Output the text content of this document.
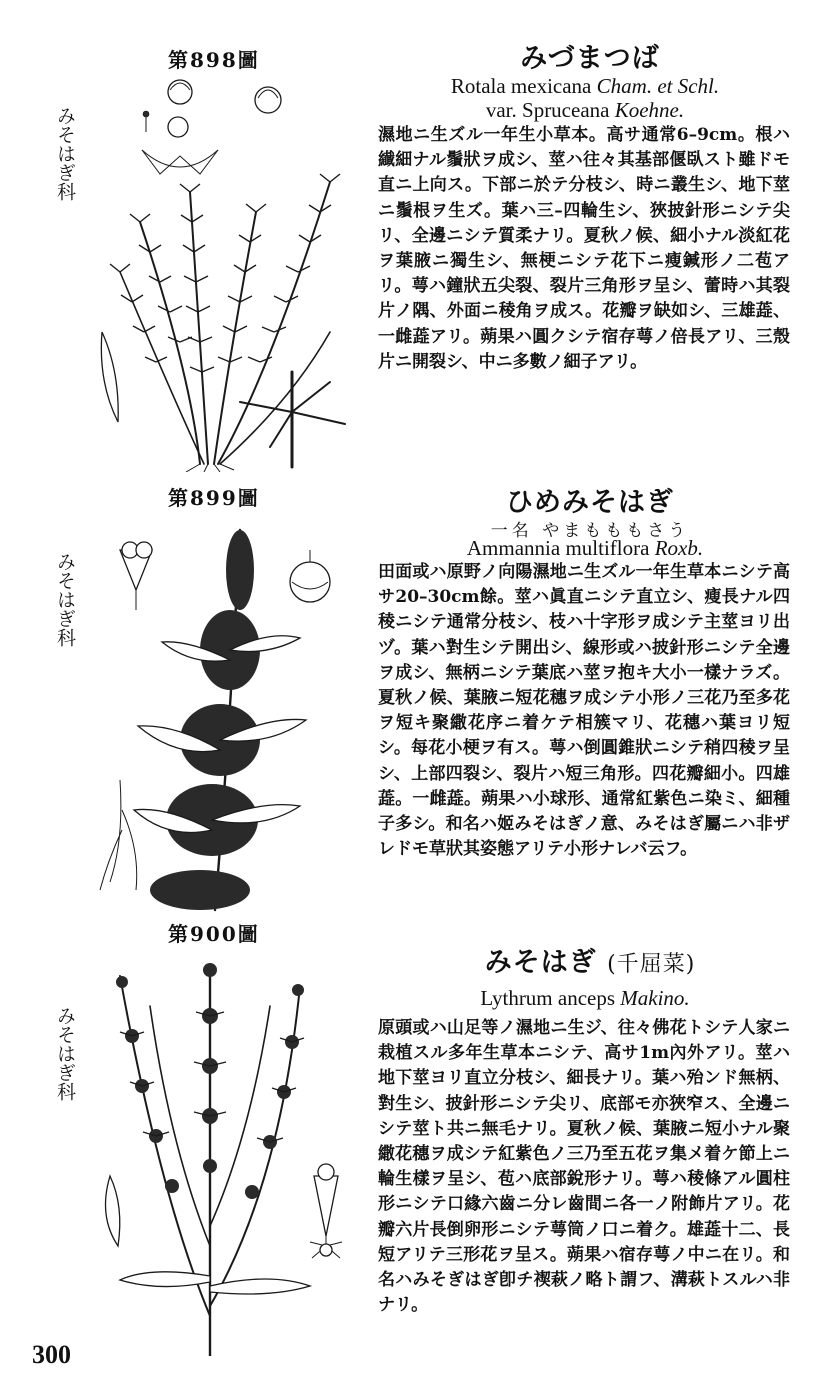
第898圖
みそはぎ科
みづまつば
Rotala mexicana Cham. et Schl.
var. Spruceana Koehne.
濕地ニ生ズル一年生小草本。高サ通常6–9cm。根ハ纎細ナル鬚狀ヲ成シ、莖ハ往々其基部偃臥スト雖ドモ直ニ上向ス。下部ニ於テ分枝シ、時ニ叢生シ、地下莖ニ鬚根ヲ生ズ。葉ハ三–四輪生シ、狹披針形ニシテ尖リ、全邊ニシテ質柔ナリ。夏秋ノ候、細小ナル淡紅花ヲ葉腋ニ獨生シ、無梗ニシテ花下ニ瘦鍼形ノ二苞アリ。萼ハ鐘狀五尖裂、裂片三角形ヲ呈シ、蕾時ハ其裂片ノ隅、外面ニ稜角ヲ成ス。花瓣ヲ缺如シ、三雄蕋、一雌蕋アリ。蒴果ハ圓クシテ宿存萼ノ倍長アリ、三殼片ニ開裂シ、中ニ多數ノ細子アリ。
第899圖
みそはぎ科
ひめみそはぎ
一名 やまもももさう
Ammannia multiflora Roxb.
田面或ハ原野ノ向陽濕地ニ生ズル一年生草本ニシテ高サ20–30cm餘。莖ハ眞直ニシテ直立シ、瘦長ナル四稜ニシテ通常分枝シ、枝ハ十字形ヲ成シテ主莖ヨリ出ヅ。葉ハ對生シテ開出シ、線形或ハ披針形ニシテ全邊ヲ成シ、無柄ニシテ葉底ハ莖ヲ抱キ大小一樣ナラズ。夏秋ノ候、葉腋ニ短花穗ヲ成シテ小形ノ三花乃至多花ヲ短キ聚繖花序ニ着ケテ相簇マリ、花穗ハ葉ヨリ短シ。每花小梗ヲ有ス。萼ハ倒圓錐狀ニシテ稍四稜ヲ呈シ、上部四裂シ、裂片ハ短三角形。四花瓣細小。四雄蕋。一雌蕋。蒴果ハ小球形、通常紅紫色ニ染ミ、細種子多シ。和名ハ姬みそはぎノ意、みそはぎ屬ニハ非ザレドモ草狀其姿態アリテ小形ナレバ云フ。
第900圖
みそはぎ科
みそはぎ (千屈菜)
Lythrum anceps Makino.
原頭或ハ山足等ノ濕地ニ生ジ、往々佛花トシテ人家ニ栽植スル多年生草本ニシテ、高サ1m內外アリ。莖ハ地下莖ヨリ直立分枝シ、細長ナリ。葉ハ殆ンド無柄、對生シ、披針形ニシテ尖リ、底部モ亦狹窄ス、全邊ニシテ莖ト共ニ無毛ナリ。夏秋ノ候、葉腋ニ短小ナル聚繖花穗ヲ成シテ紅紫色ノ三乃至五花ヲ集メ着ケ節上ニ輪生樣ヲ呈シ、苞ハ底部銳形ナリ。萼ハ稜條アル圓柱形ニシテ口緣六齒ニ分レ齒間ニ各一ノ附飾片アリ。花瓣六片長倒卵形ニシテ萼筒ノ口ニ着ク。雄蕋十二、長短アリテ三形花ヲ呈ス。蒴果ハ宿存萼ノ中ニ在リ。和名ハみそぎはぎ卽チ禊萩ノ略ト謂フ、溝萩トスルハ非ナリ。
300
